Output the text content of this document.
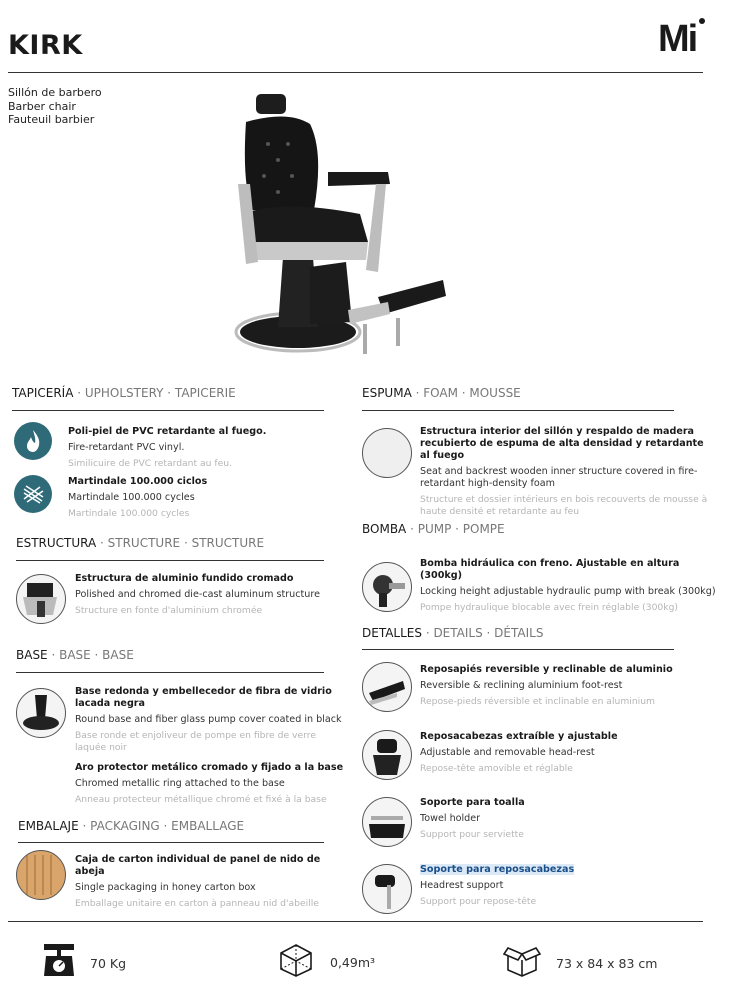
KIRK	Mi
Sillón de barbero
Barber chair
Fauteuil barbier
TAPICERÍA · UPHOLSTERY · TAPICERIE
Poli-piel de PVC retardante al fuego.
Fire-retardant PVC vinyl.
Similicuire de PVC retardant au feu.
Martindale 100.000 ciclos
Martindale 100.000 cycles
Martindale 100.000 cycles
ESTRUCTURA · STRUCTURE · STRUCTURE
Estructura de aluminio fundido cromado
Polished and chromed die-cast aluminum structure
Structure en fonte d'aluminium chromée
BASE · BASE · BASE
Base redonda y embellecedor de fibra de vidrio lacada negra
Round base and fiber glass pump cover coated in black
Base ronde et enjoliveur de pompe en fibre de verre laquée noir
Aro protector metálico cromado y fijado a la base
Chromed metallic ring attached to the base
Anneau protecteur métallique chromé et fixé à la base
EMBALAJE · PACKAGING · EMBALLAGE
Caja de carton individual de panel de nido de abeja
Single packaging in honey carton box
Emballage unitaire en carton à panneau nid d'abeille
ESPUMA · FOAM · MOUSSE
Estructura interior del sillón y respaldo de madera recubierto de espuma de alta densidad y retardante al fuego
Seat and backrest wooden inner structure covered in fire-retardant high-density foam
Structure et dossier intérieurs en bois recouverts de mousse à haute densité et retardante au feu
BOMBA · PUMP · POMPE
Bomba hidráulica con freno. Ajustable en altura (300kg)
Locking height adjustable hydraulic pump with break (300kg)
Pompe hydraulique blocable avec frein réglable (300kg)
DETALLES · DETAILS · DÉTAILS
Reposapiés reversible y reclinable de aluminio
Reversible & reclining aluminium foot-rest
Repose-pieds réversible et inclinable en aluminium
Reposacabezas extraíble y ajustable
Adjustable and removable head-rest
Repose-tête amovible et réglable
Soporte para toalla
Towel holder
Support pour serviette
Soporte para reposacabezas
Headrest support
Support pour repose-tête
70 Kg	0,49m³	73 x 84 x 83 cm
